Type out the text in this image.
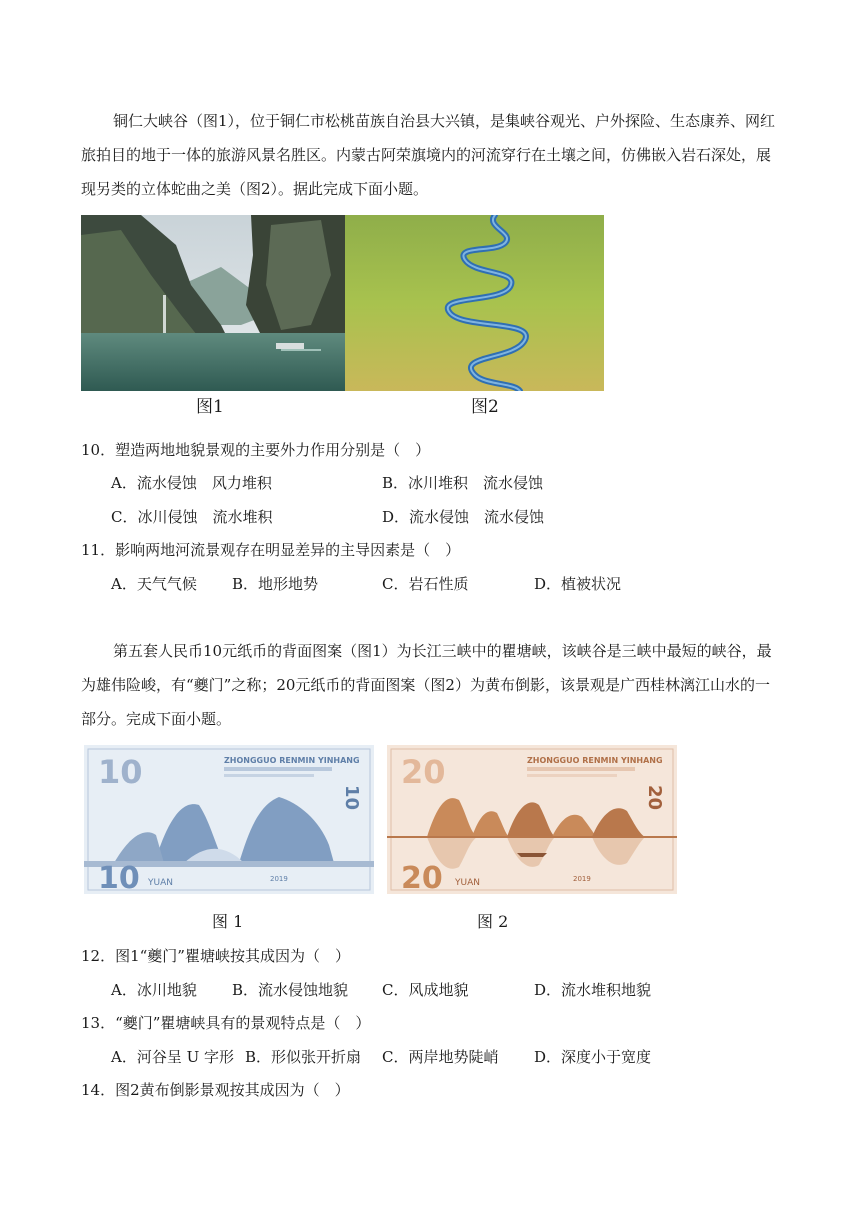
铜仁大峡谷（图1），位于铜仁市松桃苗族自治县大兴镇，是集峡谷观光、户外探险、生态康养、网红旅拍目的地于一体的旅游风景名胜区。内蒙古阿荣旗境内的河流穿行在土壤之间，仿佛嵌入岩石深处，展现另类的立体蛇曲之美（图2）。据此完成下面小题。

图1	图2
10．塑造两地地貌景观的主要外力作用分别是（　）
A．流水侵蚀　风力堆积	B．冰川堆积　流水侵蚀
C．冰川侵蚀　流水堆积	D．流水侵蚀　流水侵蚀
11．影响两地河流景观存在明显差异的主导因素是（　）
A．天气气候 B．地形地势	C．岩石性质	D．植被状况

第五套人民币10元纸币的背面图案（图1）为长江三峡中的瞿塘峡，该峡谷是三峡中最短的峡谷，最为雄伟险峻，有“夔门”之称；20元纸币的背面图案（图2）为黄布倒影，该景观是广西桂林漓江山水的一部分。完成下面小题。

10	ZHONGGUO RENMIN YINHANG
10 YUAN	2019
10
20	ZHONGGUO RENMIN YINHANG
20 YUAN	2019
20
图 1	图 2
12．图1“夔门”瞿塘峡按其成因为（　）
A．冰川地貌 B．流水侵蚀地貌 C．风成地貌	D．流水堆积地貌
13．“夔门”瞿塘峡具有的景观特点是（　）
A．河谷呈 U 字形 B．形似张开折扇 C．两岸地势陡峭 D．深度小于宽度
14．图2黄布倒影景观按其成因为（　）
